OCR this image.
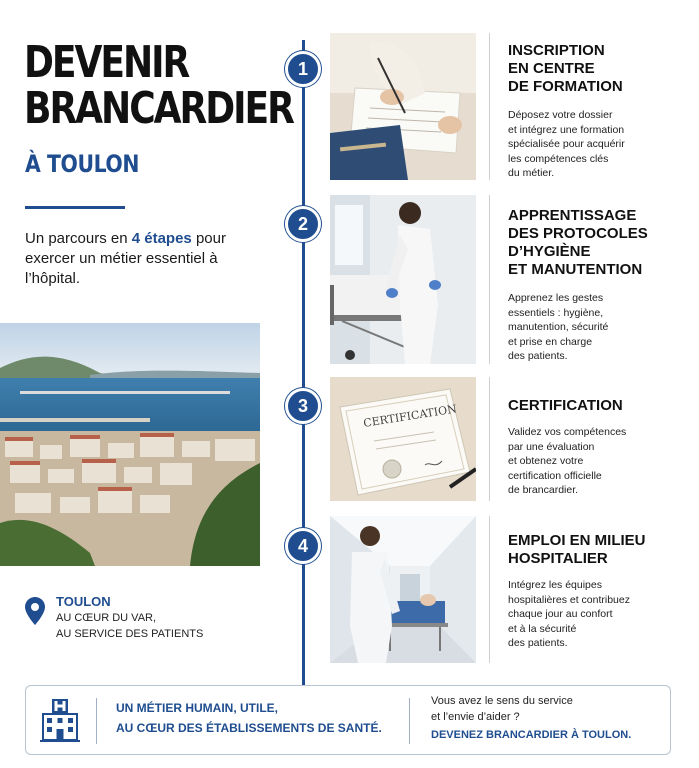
DEVENIR
BRANCARDIER
À TOULON

Un parcours en 4 étapes pour exercer un métier essentiel à l’hôpital.

TOULON
AU CŒUR DU VAR,
AU SERVICE DES PATIENTS
1
INSCRIPTION
EN CENTRE
DE FORMATION
Déposez votre dossier
et intégrez une formation
spécialisée pour acquérir
les compétences clés
du métier.
2	APPRENTISSAGE
DES PROTOCOLES
D’HYGIÈNE
ET MANUTENTION
Apprenez les gestes
essentiels : hygiène,
manutention, sécurité
et prise en charge
des patients.
3	CERTIFICATION	CERTIFICATION
Validez vos compétences
par une évaluation
et obtenez votre
certification officielle
de brancardier.
4	EMPLOI EN MILIEU
HOSPITALIER
Intégrez les équipes
hospitalières et contribuez
chaque jour au confort
et à la sécurité
des patients.
UN MÉTIER HUMAIN, UTILE,
AU CŒUR DES ÉTABLISSEMENTS DE SANTÉ.
Vous avez le sens du service
et l’envie d’aider ?
DEVENEZ BRANCARDIER À TOULON.
